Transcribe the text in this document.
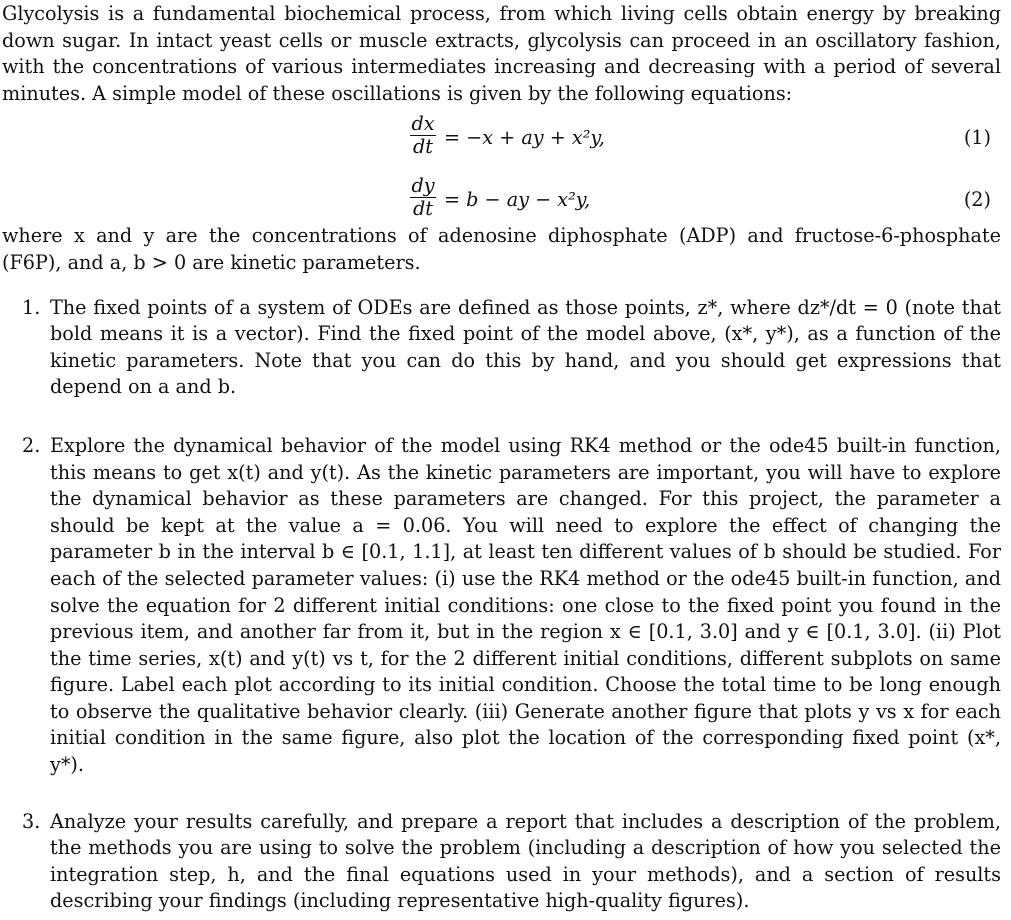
Glycolysis is a fundamental biochemical process, from which living cells obtain energy by breaking down sugar. In intact yeast cells or muscle extracts, glycolysis can proceed in an oscillatory fashion, with the concentrations of various intermediates increasing and decreasing with a period of several minutes. A simple model of these oscillations is given by the following equations:

dx
dt = −x + ay + x²y,	(1)
dy
dt = b − ay − x²y,	(2)

where x and y are the concentrations of adenosine diphosphate (ADP) and fructose-6-phosphate (F6P), and a, b > 0 are kinetic parameters.

1. The fixed points of a system of ODEs are defined as those points, z*, where dz*/dt = 0 (note that bold means it is a vector). Find the fixed point of the model above, (x*, y*), as a function of the kinetic parameters. Note that you can do this by hand, and you should get expressions that depend on a and b.
2. Explore the dynamical behavior of the model using RK4 method or the ode45 built-in function, this means to get x(t) and y(t). As the kinetic parameters are important, you will have to explore the dynamical behavior as these parameters are changed. For this project, the parameter a should be kept at the value a = 0.06. You will need to explore the effect of changing the parameter b in the interval b ∈ [0.1, 1.1], at least ten different values of b should be studied. For each of the selected parameter values: (i) use the RK4 method or the ode45 built-in function, and solve the equation for 2 different initial conditions: one close to the fixed point you found in the previous item, and another far from it, but in the region x ∈ [0.1, 3.0] and y ∈ [0.1, 3.0]. (ii) Plot the time series, x(t) and y(t) vs t, for the 2 different initial conditions, different subplots on same figure. Label each plot according to its initial condition. Choose the total time to be long enough to observe the qualitative behavior clearly. (iii) Generate another figure that plots y vs x for each initial condition in the same figure, also plot the location of the corresponding fixed point (x*, y*).
3. Analyze your results carefully, and prepare a report that includes a description of the problem, the methods you are using to solve the problem (including a description of how you selected the integration step, h, and the final equations used in your methods), and a section of results describing your findings (including representative high-quality figures).
